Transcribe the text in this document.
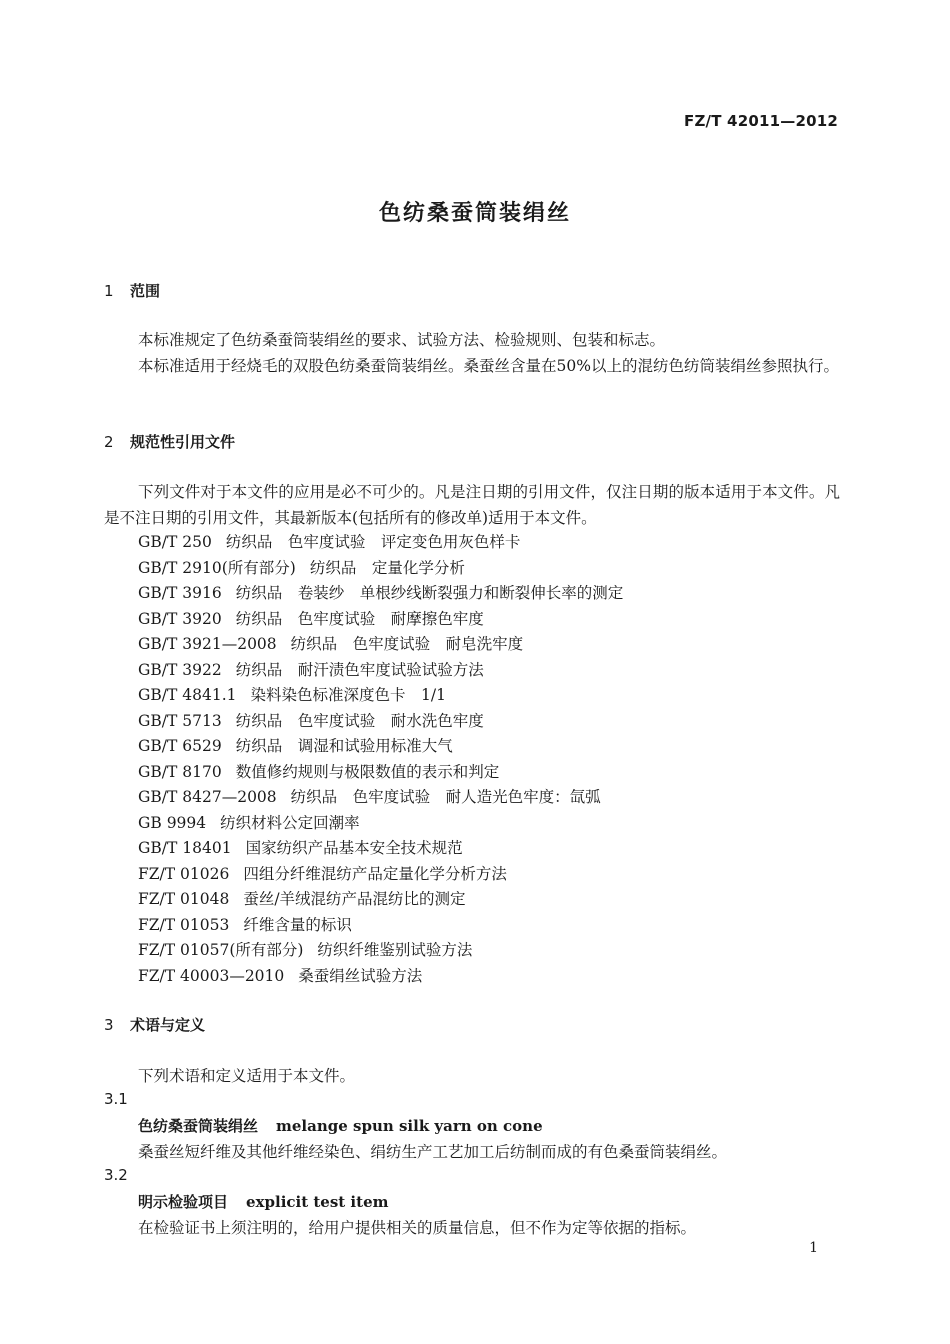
FZ/T 42011—2012
色纺桑蚕筒装绢丝
1 范围
本标准规定了色纺桑蚕筒装绢丝的要求、试验方法、检验规则、包装和标志。
本标准适用于经烧毛的双股色纺桑蚕筒装绢丝。桑蚕丝含量在50%以上的混纺色纺筒装绢丝参照执行。
2 规范性引用文件
下列文件对于本文件的应用是必不可少的。凡是注日期的引用文件，仅注日期的版本适用于本文件。凡是不注日期的引用文件，其最新版本(包括所有的修改单)适用于本文件。
GB/T 250 纺织品　色牢度试验　评定变色用灰色样卡
GB/T 2910(所有部分) 纺织品　定量化学分析
GB/T 3916 纺织品　卷装纱　单根纱线断裂强力和断裂伸长率的测定
GB/T 3920 纺织品　色牢度试验　耐摩擦色牢度
GB/T 3921—2008 纺织品　色牢度试验　耐皂洗牢度
GB/T 3922 纺织品　耐汗渍色牢度试验试验方法
GB/T 4841.1 染料染色标准深度色卡　1/1
GB/T 5713 纺织品　色牢度试验　耐水洗色牢度
GB/T 6529 纺织品　调湿和试验用标准大气
GB/T 8170 数值修约规则与极限数值的表示和判定
GB/T 8427—2008 纺织品　色牢度试验　耐人造光色牢度：氙弧
GB 9994 纺织材料公定回潮率
GB/T 18401 国家纺织产品基本安全技术规范
FZ/T 01026 四组分纤维混纺产品定量化学分析方法
FZ/T 01048 蚕丝/羊绒混纺产品混纺比的测定
FZ/T 01053 纤维含量的标识
FZ/T 01057(所有部分) 纺织纤维鉴别试验方法
FZ/T 40003—2010 桑蚕绢丝试验方法
3 术语与定义
下列术语和定义适用于本文件。
3.1
色纺桑蚕筒装绢丝 melange spun silk yarn on cone
桑蚕丝短纤维及其他纤维经染色、绢纺生产工艺加工后纺制而成的有色桑蚕筒装绢丝。
3.2
明示检验项目 explicit test item
在检验证书上须注明的，给用户提供相关的质量信息，但不作为定等依据的指标。
1
